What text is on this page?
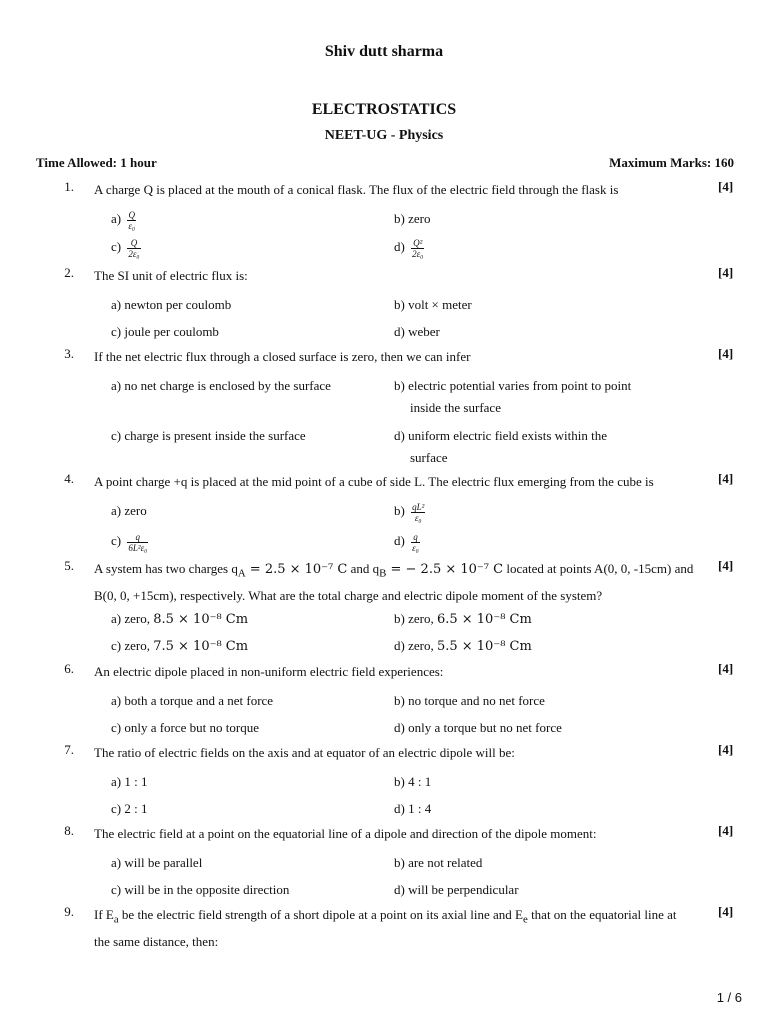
Shiv dutt sharma
ELECTROSTATICS
NEET-UG - Physics
Time Allowed: 1 hour	Maximum Marks: 160
1. A charge Q is placed at the mouth of a conical flask. The flux of the electric field through the flask is	[4]
$a) \frac{Q}{\text{ε₀}}$	b) zero
$c) \frac{Q}{\text{2ε₀}}$	$d) \frac{\text{Q²}}{\text{2ε₀}}$
2. The SI unit of electric flux is:	[4]
a) newton per coulomb	b) volt × meter
c) joule per coulomb	d) weber
3. If the net electric flux through a closed surface is zero, then we can infer	[4]
a) no net charge is enclosed by the surface	b) electric potential varies from point to point
inside the surface
c) charge is present inside the surface	d) uniform electric field exists within the
surface
4. A point charge +q is placed at the mid point of a cube of side L. The electric flux emerging from the cube is	[4]
a) zero	$b) \frac{\text{qL²}}{\text{ε₀}}$
$c) \frac{q}{\text{6L²ε₀}}$	$d) \frac{q}{\text{ε₀}}$
5. A system has two charges $q_A = 2.5 \times 10^{-7}$ C and $q_B$ = − 2.5 × 10⁻⁷ C located at points A(0, 0, -15cm) and
B(0, 0, +15cm), respectively. What are the total charge and electric dipole moment of the system?
[4]
a) zero, 8.5 × 10⁻⁸ Cm	b) zero, 6.5 × 10⁻⁸ Cm
c) zero, 7.5 × 10⁻⁸ Cm	d) zero, 5.5 × 10⁻⁸ Cm
6. An electric dipole placed in non-uniform electric field experiences:	[4]
a) both a torque and a net force	b) no torque and no net force
c) only a force but no torque	d) only a torque but no net force
7. The ratio of electric fields on the axis and at equator of an electric dipole will be:	[4]
a) 1 : 1	b) 4 : 1
c) 2 : 1	d) 1 : 4
8. The electric field at a point on the equatorial line of a dipole and direction of the dipole moment:	[4]
a) will be parallel	b) are not related
c) will be in the opposite direction	d) will be perpendicular
9. If $E_a$ be the electric field strength of a short dipole at a point on its axial line and $E_e$ that on the equatorial line at
the same distance, then:
[4]
1 / 6
